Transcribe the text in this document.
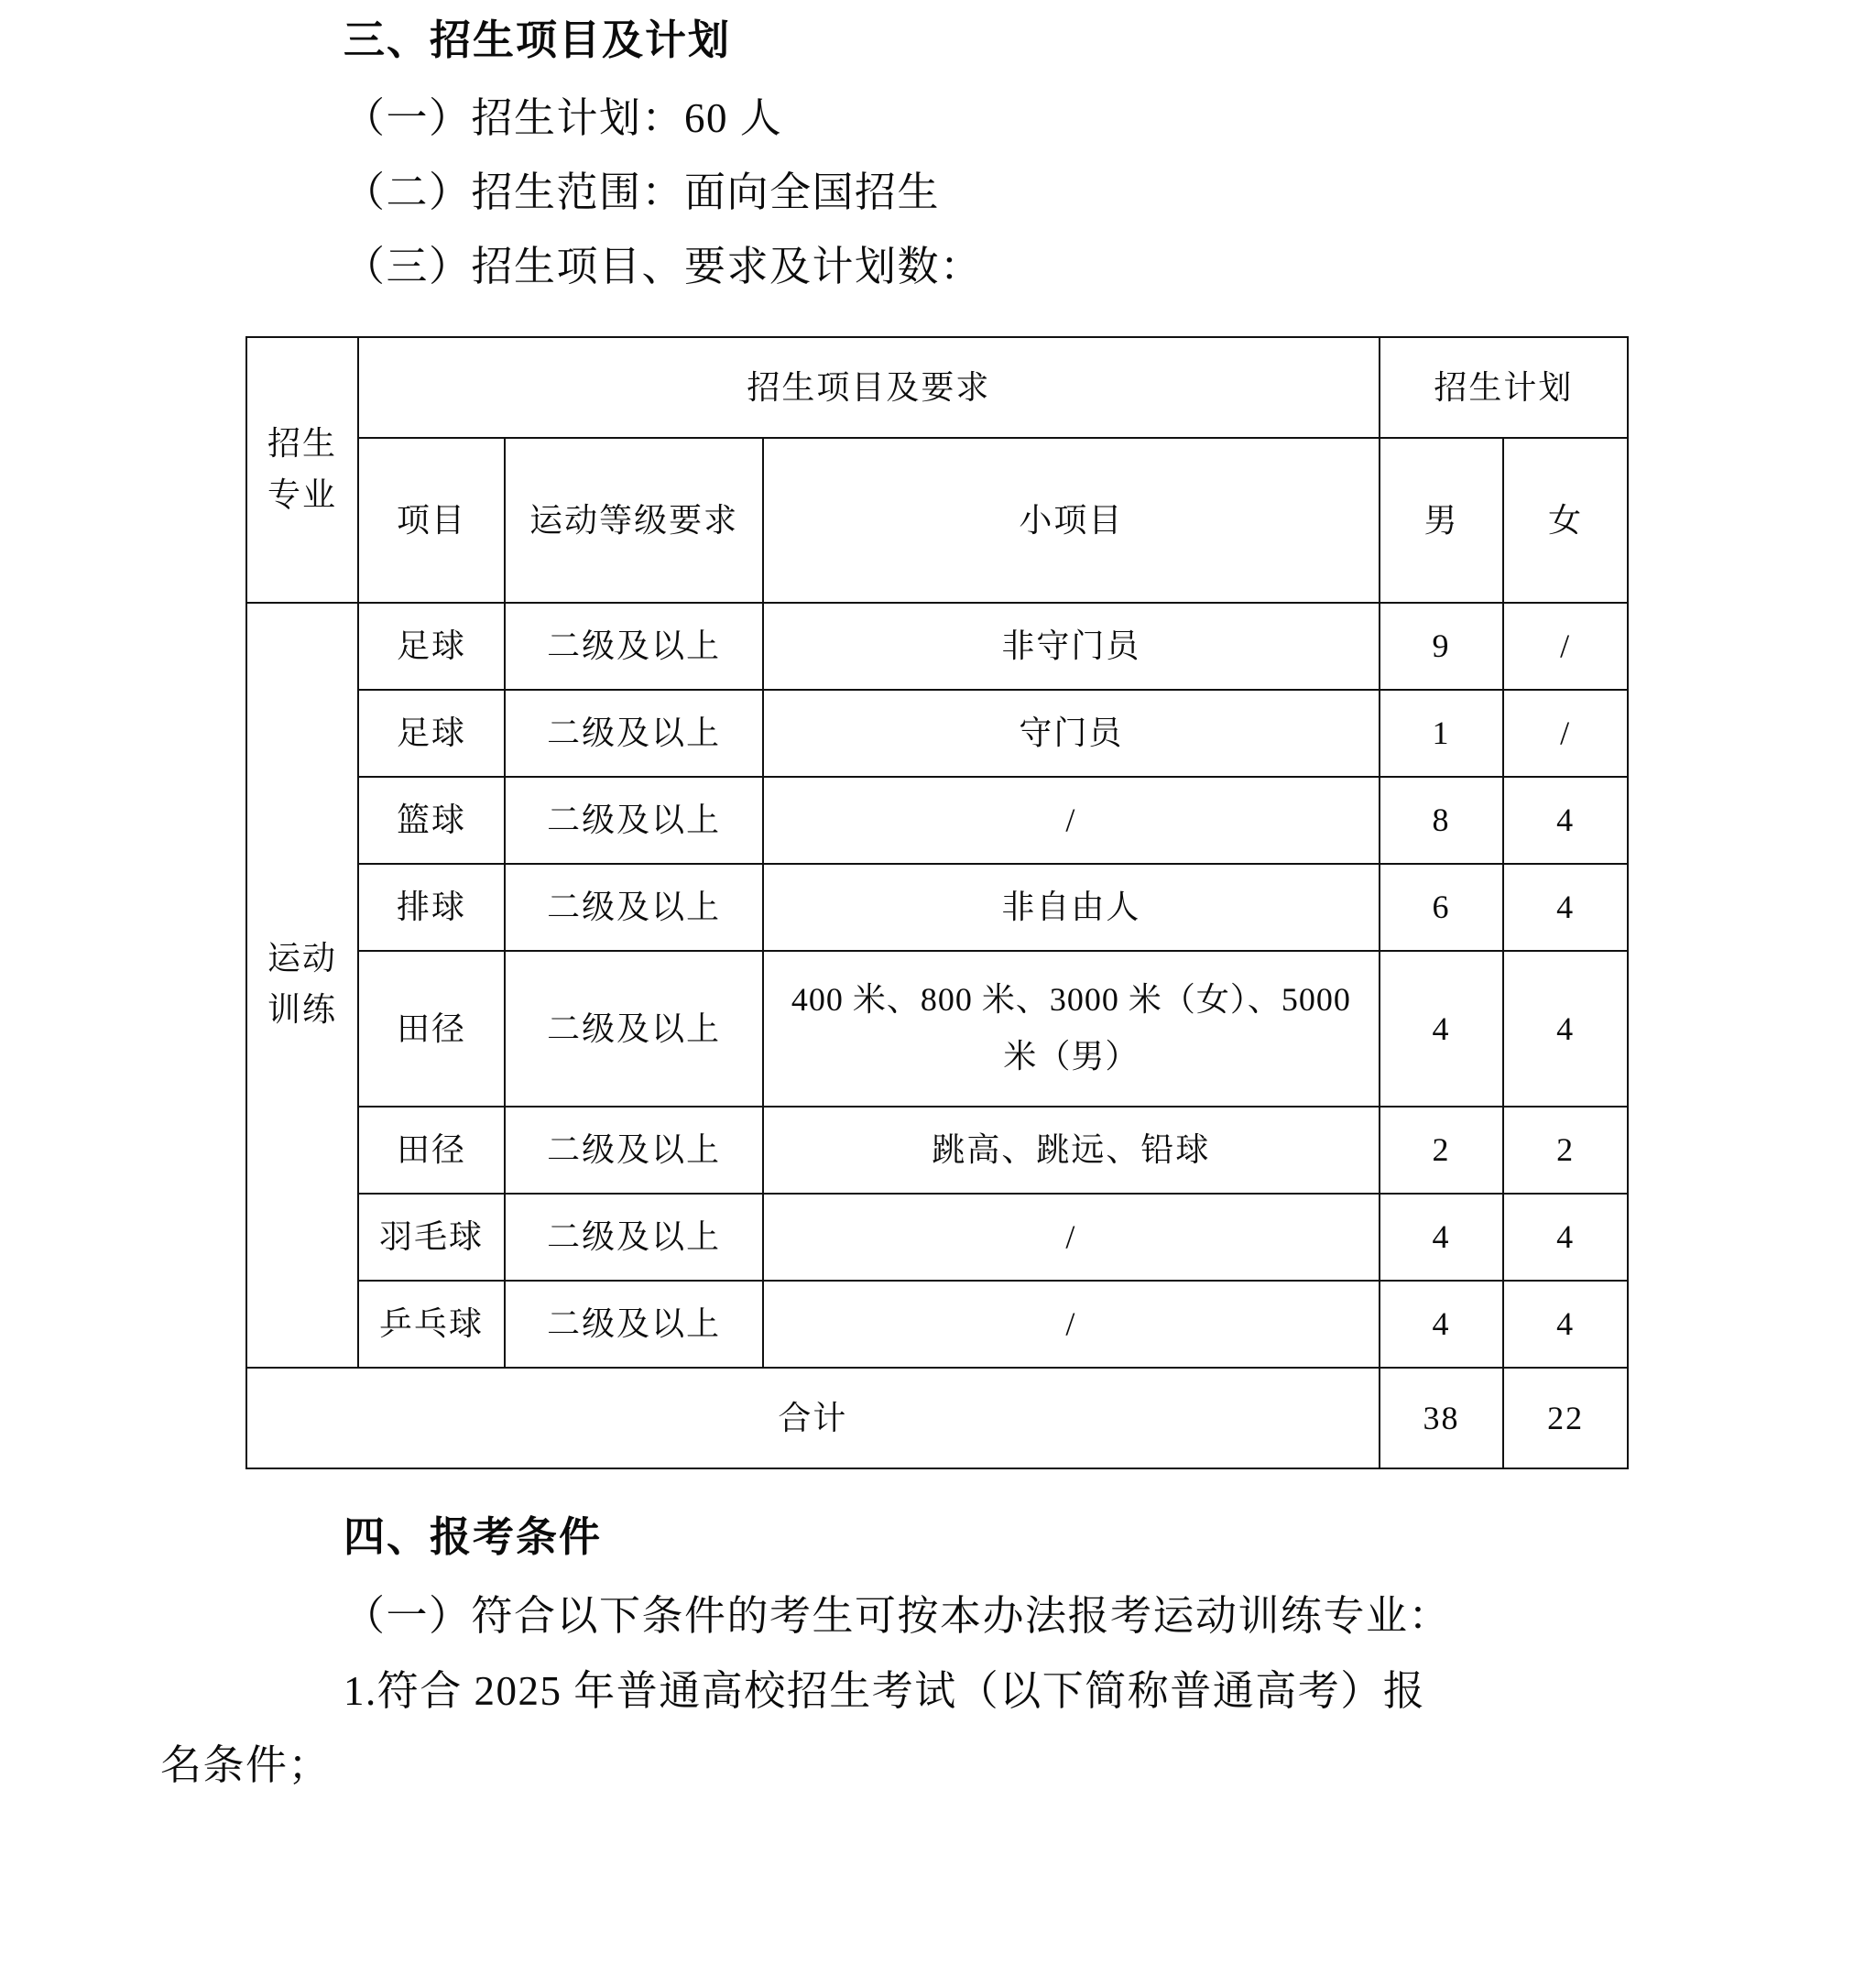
三、招生项目及计划

（一）招生计划：60 人

（二）招生范围：面向全国招生

（三）招生项目、要求及计划数：

招生
专业	招生项目及要求			招生计划	
	项目	运动等级要求	小项目	男	女

运动
训练	足球	二级及以上	非守门员	9	/
	足球	二级及以上	守门员	1	/
	篮球	二级及以上	/	8	4
	排球	二级及以上	非自由人	6	4
	田径	二级及以上	400 米、800 米、3000 米（女）、5000 米（男）	4	4
	田径	二级及以上	跳高、跳远、铅球	2	2
	羽毛球	二级及以上	/	4	4
	乒乓球	二级及以上	/	4	4
合计				38	22
四、报考条件

（一）符合以下条件的考生可按本办法报考运动训练专业：

1.符合 2025 年普通高校招生考试（以下简称普通高考）报

名条件；
